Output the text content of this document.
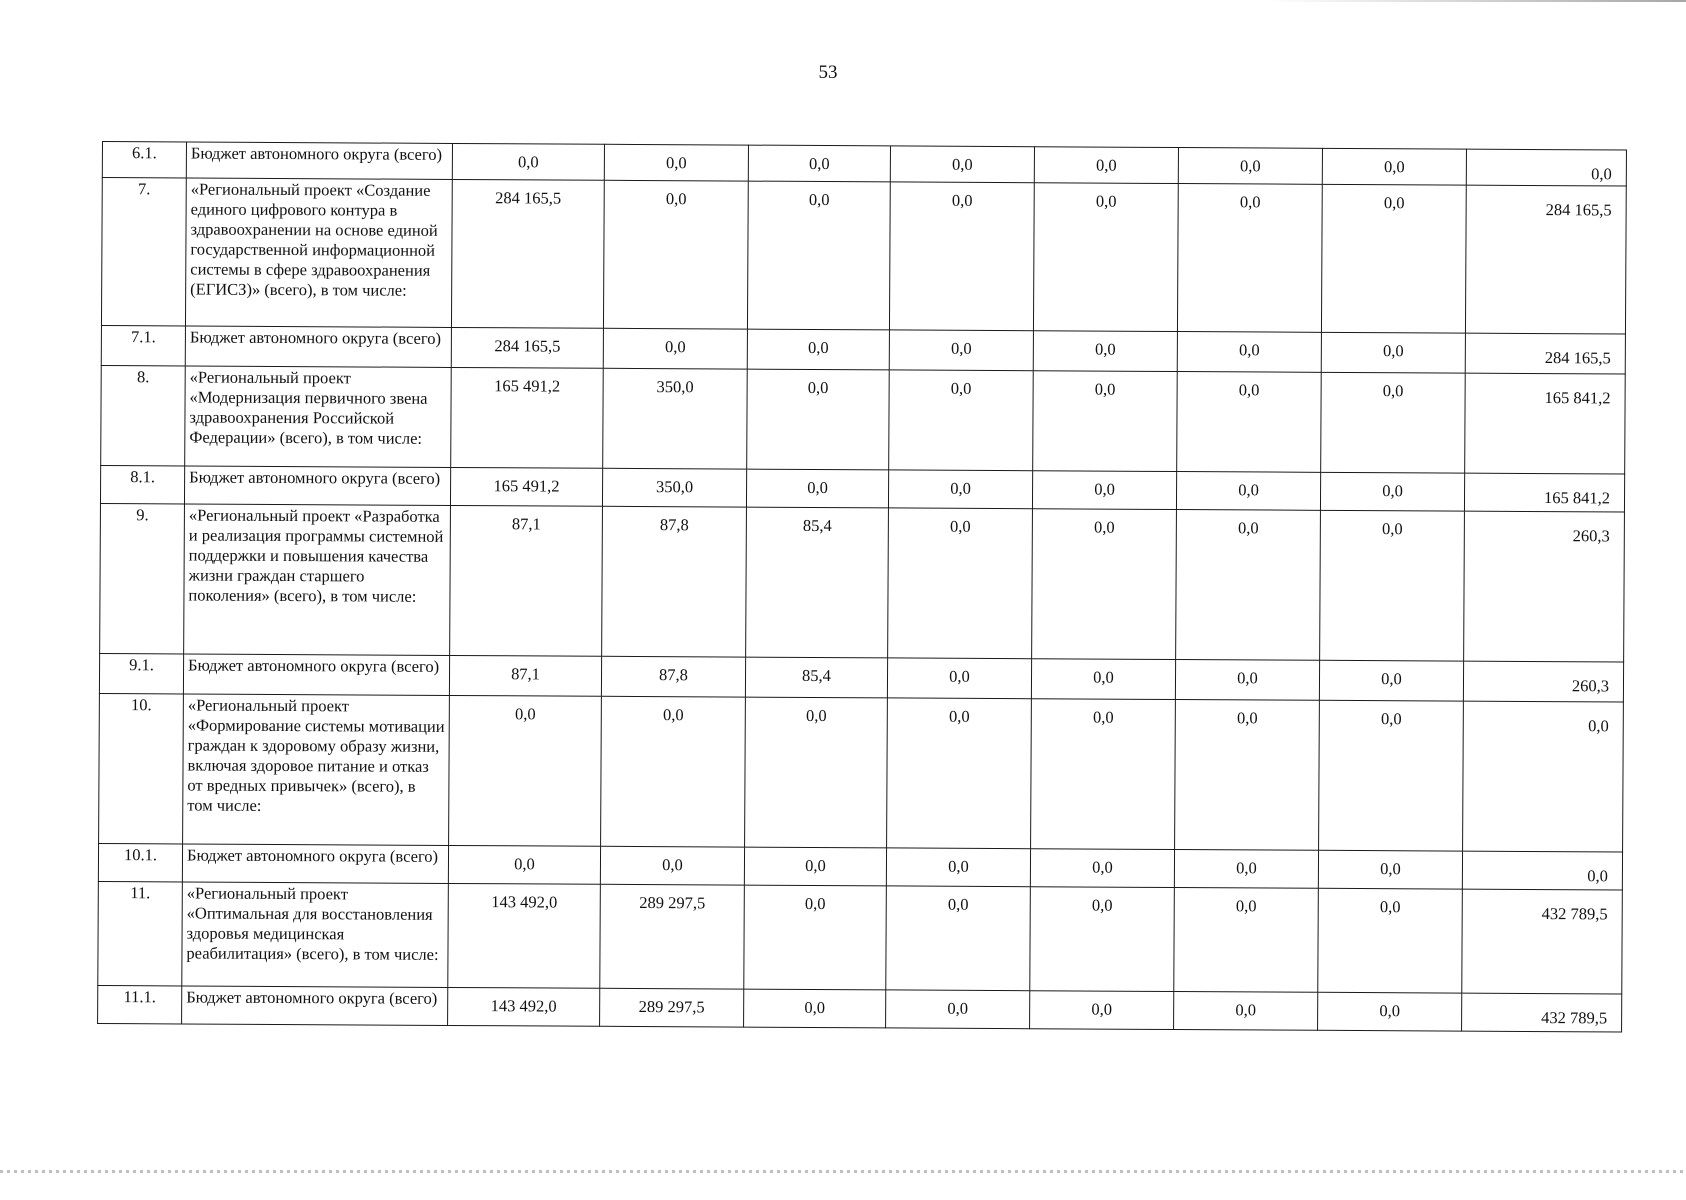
53
6.1.	Бюджет автономного округа (всего)	0,0	0,0	0,0	0,0	0,0	0,0	0,0	0,0
7.	«Региональный проект «Создание единого цифрового контура в здравоохранении на основе единой государственной информационной системы в сфере здравоохранения (ЕГИСЗ)» (всего), в том числе:	284 165,5	0,0	0,0	0,0	0,0	0,0	0,0	284 165,5
7.1.	Бюджет автономного округа (всего)	284 165,5	0,0	0,0	0,0	0,0	0,0	0,0	284 165,5
8.	«Региональный проект «Модернизация первичного звена здравоохранения Российской Федерации» (всего), в том числе:	165 491,2	350,0	0,0	0,0	0,0	0,0	0,0	165 841,2
8.1.	Бюджет автономного округа (всего)	165 491,2	350,0	0,0	0,0	0,0	0,0	0,0	165 841,2
9.	«Региональный проект «Разработка и реализация программы системной поддержки и повышения качества жизни граждан старшего поколения» (всего), в том числе:	87,1	87,8	85,4	0,0	0,0	0,0	0,0	260,3
9.1.	Бюджет автономного округа (всего)	87,1	87,8	85,4	0,0	0,0	0,0	0,0	260,3
10.	«Региональный проект «Формирование системы мотивации граждан к здоровому образу жизни, включая здоровое питание и отказ от вредных привычек» (всего), в том числе:	0,0	0,0	0,0	0,0	0,0	0,0	0,0	0,0
10.1.	Бюджет автономного округа (всего)	0,0	0,0	0,0	0,0	0,0	0,0	0,0	0,0
11.	«Региональный проект «Оптимальная для восстановления здоровья медицинская реабилитация» (всего), в том числе:	143 492,0	289 297,5	0,0	0,0	0,0	0,0	0,0	432 789,5
11.1.	Бюджет автономного округа (всего)	143 492,0	289 297,5	0,0	0,0	0,0	0,0	0,0	432 789,5
